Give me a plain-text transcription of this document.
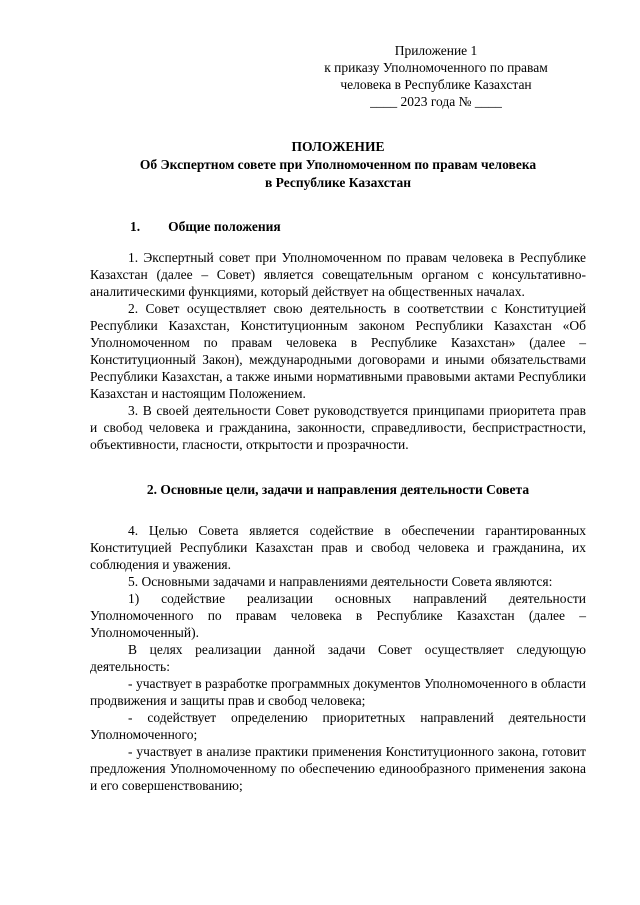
Приложение 1
к приказу Уполномоченного по правам
человека в Республике Казахстан
____ 2023 года № ____
ПОЛОЖЕНИЕ
Об Экспертном совете при Уполномоченном по правам человека
в Республике Казахстан

1. Общие положения

1. Экспертный совет при Уполномоченном по правам человека в Республике Казахстан (далее – Совет) является совещательным органом с консультативно-аналитическими функциями, который действует на общественных началах.

2. Совет осуществляет свою деятельность в соответствии с Конституцией Республики Казахстан, Конституционным законом Республики Казахстан «Об Уполномоченном по правам человека в Республике Казахстан» (далее – Конституционный Закон), международными договорами и иными обязательствами Республики Казахстан, а также иными нормативными правовыми актами Республики Казахстан и настоящим Положением.

3. В своей деятельности Совет руководствуется принципами приоритета прав и свобод человека и гражданина, законности, справедливости, беспристрастности, объективности, гласности, открытости и прозрачности.

2. Основные цели, задачи и направления деятельности Совета

4. Целью Совета является содействие в обеспечении гарантированных Конституцией Республики Казахстан прав и свобод человека и гражданина, их соблюдения и уважения.

5. Основными задачами и направлениями деятельности Совета являются:

1) содействие реализации основных направлений деятельности Уполномоченного по правам человека в Республике Казахстан (далее – Уполномоченный).

В целях реализации данной задачи Совет осуществляет следующую деятельность:

- участвует в разработке программных документов Уполномоченного в области продвижения и защиты прав и свобод человека;

- содействует определению приоритетных направлений деятельности Уполномоченного;

- участвует в анализе практики применения Конституционного закона, готовит предложения Уполномоченному по обеспечению единообразного применения закона и его совершенствованию;
